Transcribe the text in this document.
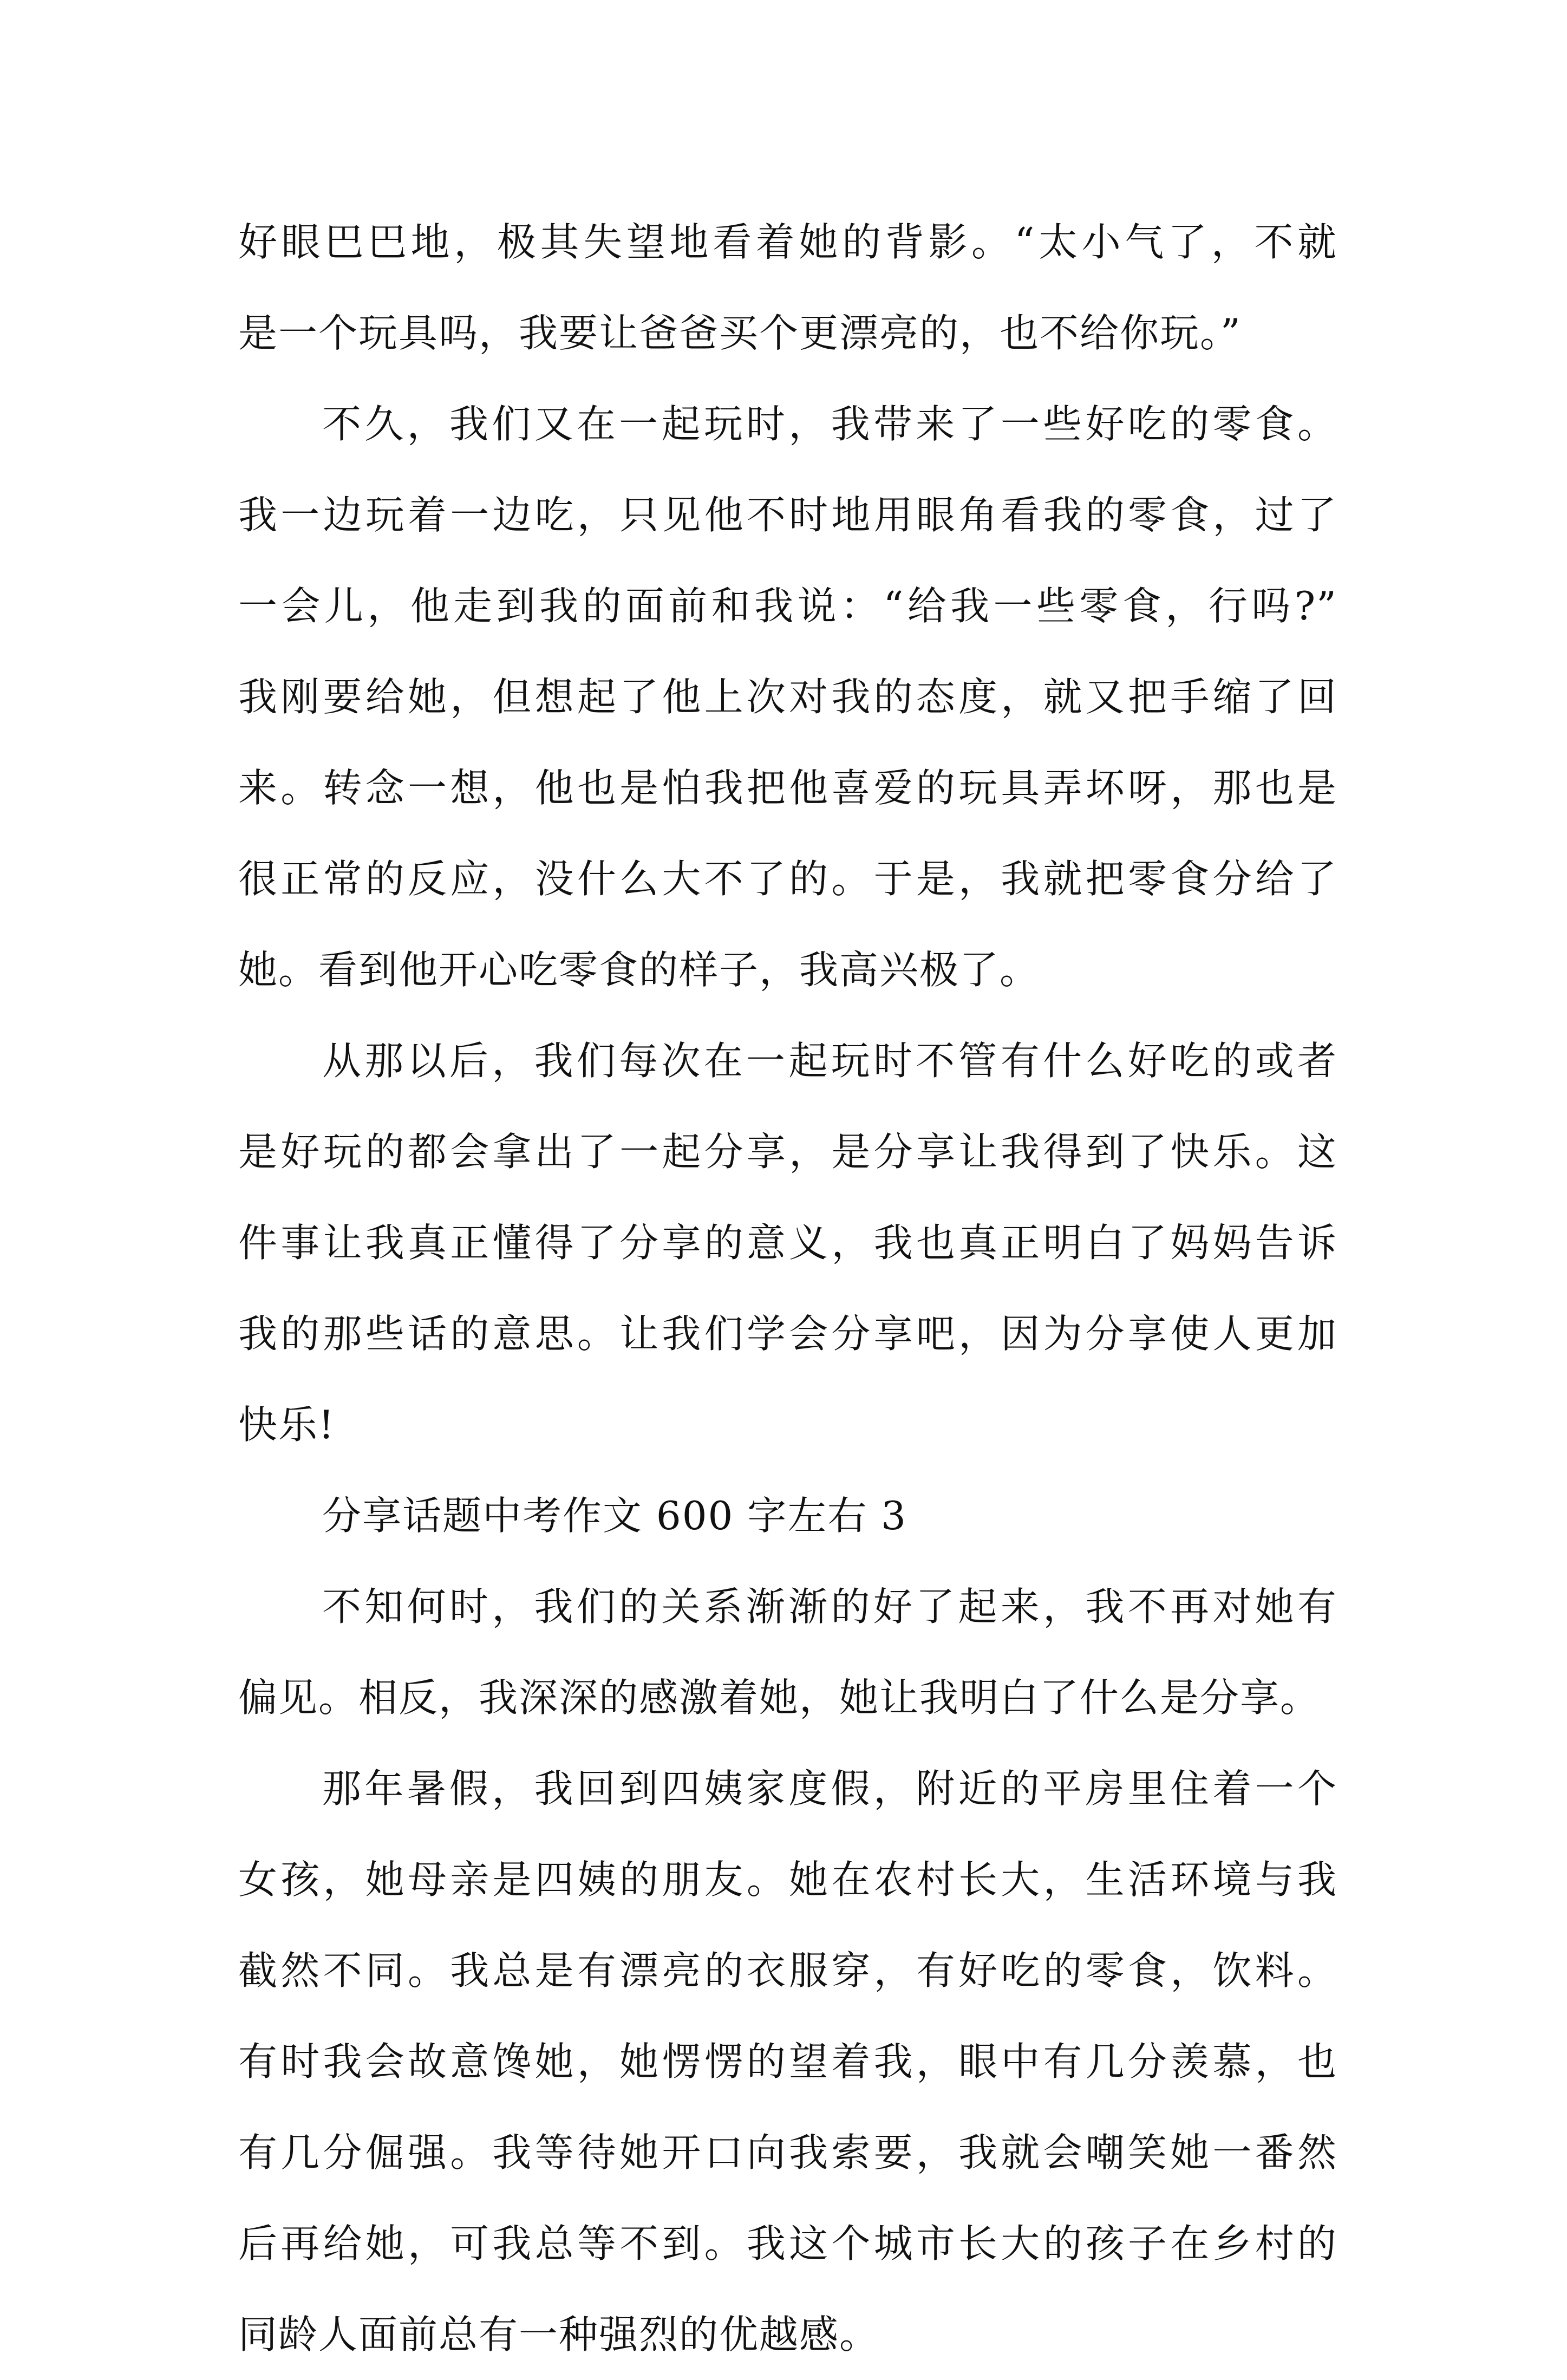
好眼巴巴地，极其失望地看着她的背影。“太小气了，不就
是一个玩具吗，我要让爸爸买个更漂亮的，也不给你玩。”
不久，我们又在一起玩时，我带来了一些好吃的零食。
我一边玩着一边吃，只见他不时地用眼角看我的零食，过了
一会儿，他走到我的面前和我说：“给我一些零食，行吗?”
我刚要给她，但想起了他上次对我的态度，就又把手缩了回
来。转念一想，他也是怕我把他喜爱的玩具弄坏呀，那也是
很正常的反应，没什么大不了的。于是，我就把零食分给了
她。看到他开心吃零食的样子，我高兴极了。
从那以后，我们每次在一起玩时不管有什么好吃的或者
是好玩的都会拿出了一起分享，是分享让我得到了快乐。这
件事让我真正懂得了分享的意义，我也真正明白了妈妈告诉
我的那些话的意思。让我们学会分享吧，因为分享使人更加
快乐!
分享话题中考作文 600 字左右 3
不知何时，我们的关系渐渐的好了起来，我不再对她有
偏见。相反，我深深的感激着她，她让我明白了什么是分享。
那年暑假，我回到四姨家度假，附近的平房里住着一个
女孩，她母亲是四姨的朋友。她在农村长大，生活环境与我
截然不同。我总是有漂亮的衣服穿，有好吃的零食，饮料。
有时我会故意馋她，她愣愣的望着我，眼中有几分羡慕，也
有几分倔强。我等待她开口向我索要，我就会嘲笑她一番然
后再给她，可我总等不到。我这个城市长大的孩子在乡村的
同龄人面前总有一种强烈的优越感。
